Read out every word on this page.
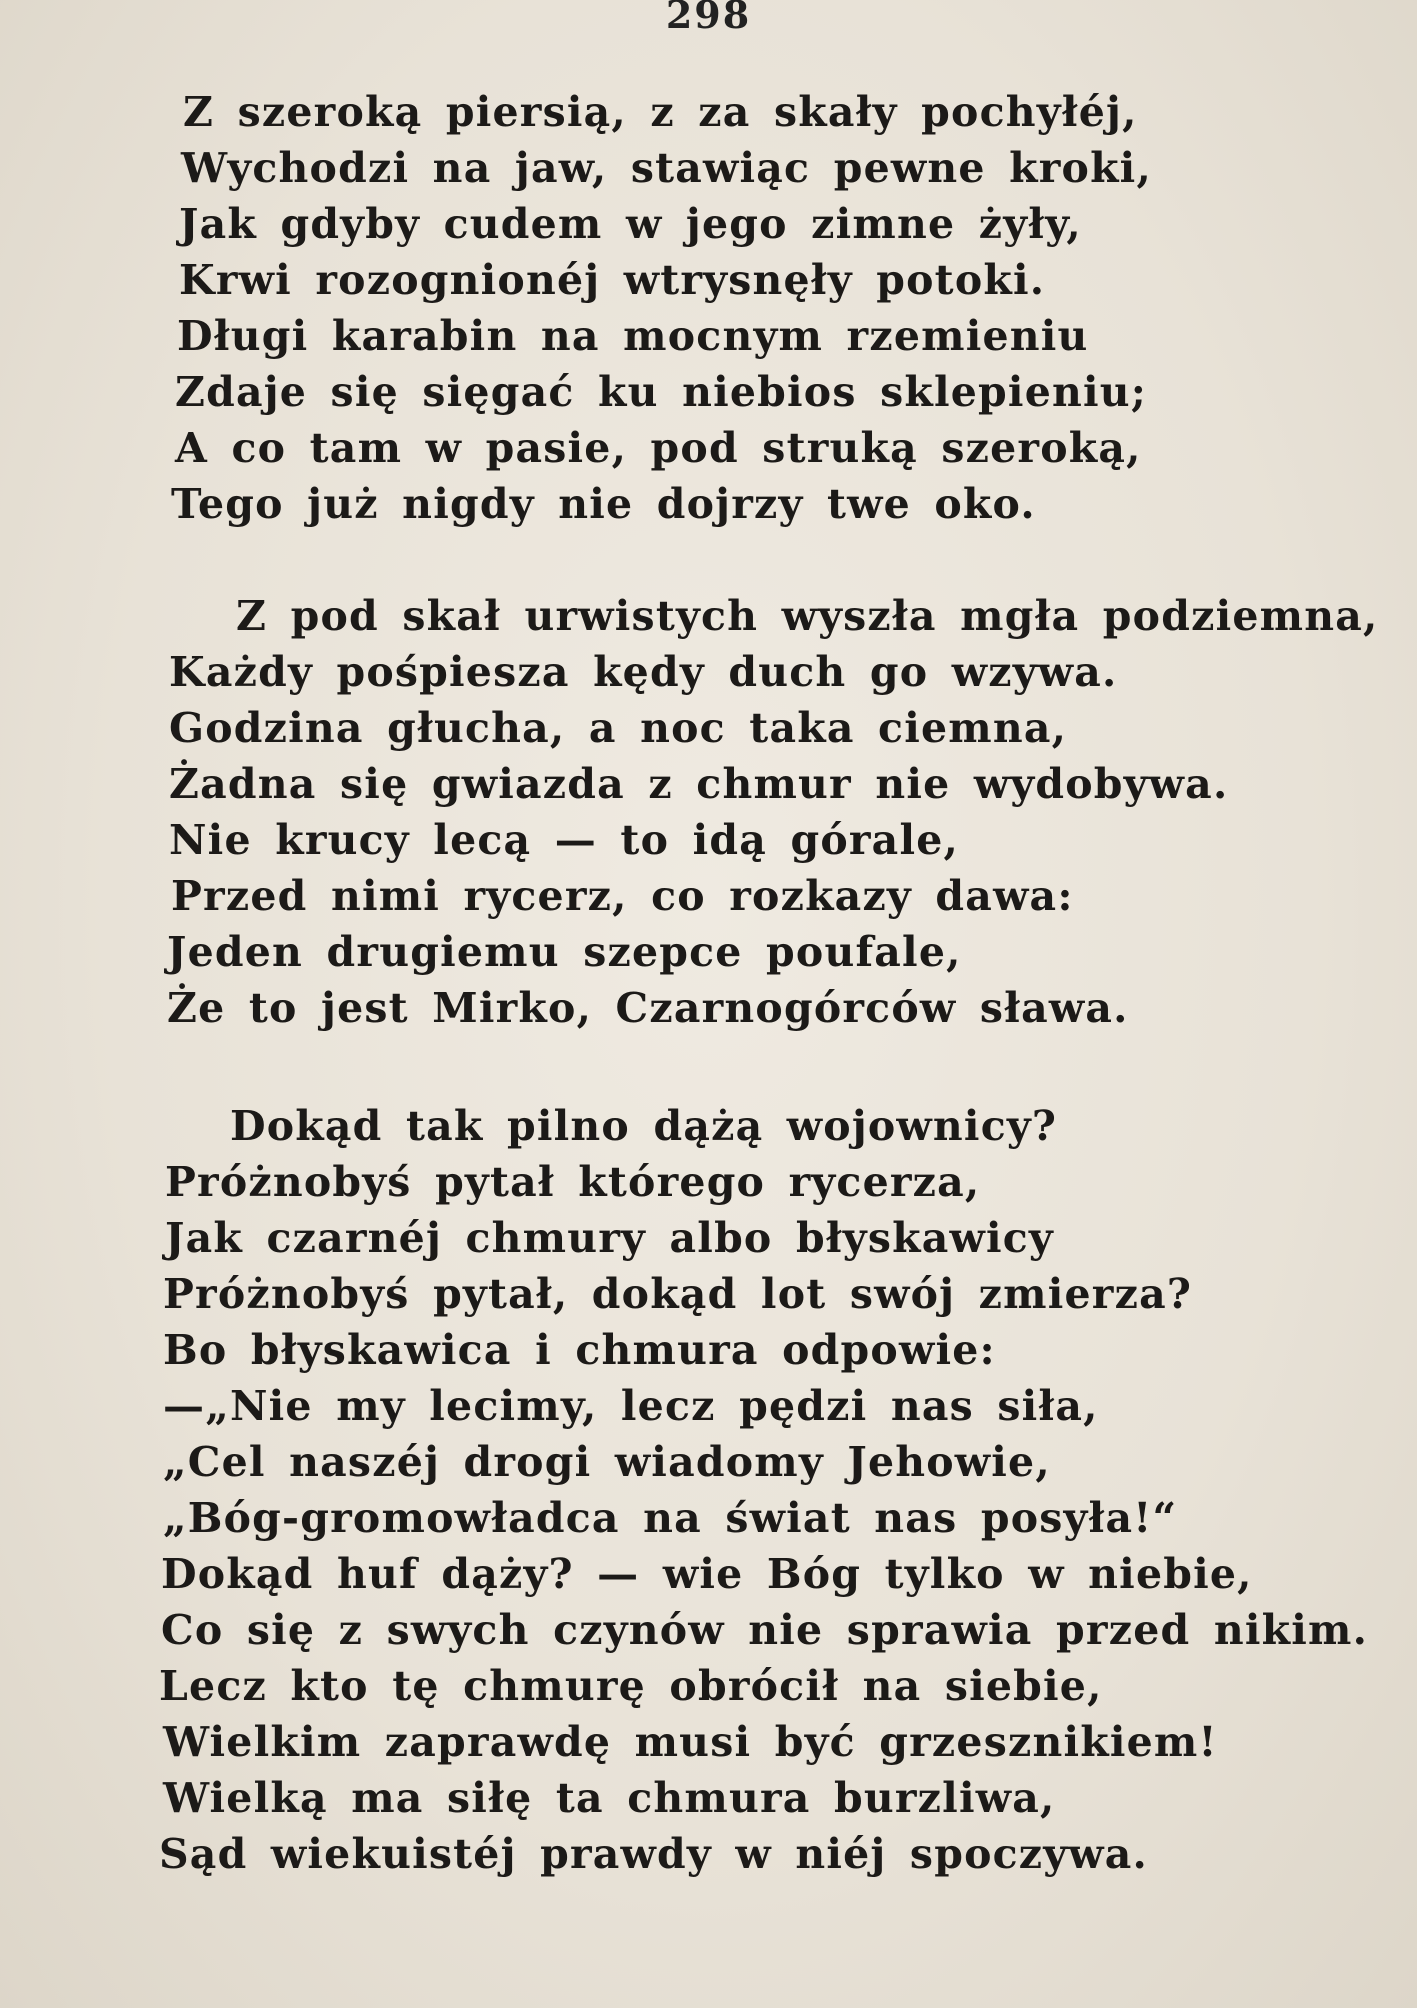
298
Z szeroką piersią, z za skały pochyłéj,
Wychodzi na jaw, stawiąc pewne kroki,
Jak gdyby cudem w jego zimne żyły,
Krwi rozognionéj wtrysnęły potoki.
Długi karabin na mocnym rzemieniu
Zdaje się sięgać ku niebios sklepieniu;
A co tam w pasie, pod struką szeroką,
Tego już nigdy nie dojrzy twe oko.
Z pod skał urwistych wyszła mgła podziemna,
Każdy pośpiesza kędy duch go wzywa.
Godzina głucha, a noc taka ciemna,
Żadna się gwiazda z chmur nie wydobywa.
Nie krucy lecą — to idą górale,
Przed nimi rycerz, co rozkazy dawa:
Jeden drugiemu szepce poufale,
Że to jest Mirko, Czarnogórców sława.
Dokąd tak pilno dążą wojownicy?
Próżnobyś pytał którego rycerza,
Jak czarnéj chmury albo błyskawicy
Próżnobyś pytał, dokąd lot swój zmierza?
Bo błyskawica i chmura odpowie:
—„Nie my lecimy, lecz pędzi nas siła,
„Cel naszéj drogi wiadomy Jehowie,
„Bóg-gromowładca na świat nas posyła!“
Dokąd huf dąży? — wie Bóg tylko w niebie,
Co się z swych czynów nie sprawia przed nikim.
Lecz kto tę chmurę obrócił na siebie,
Wielkim zaprawdę musi być grzesznikiem!
Wielką ma siłę ta chmura burzliwa,
Sąd wiekuistéj prawdy w niéj spoczywa.
